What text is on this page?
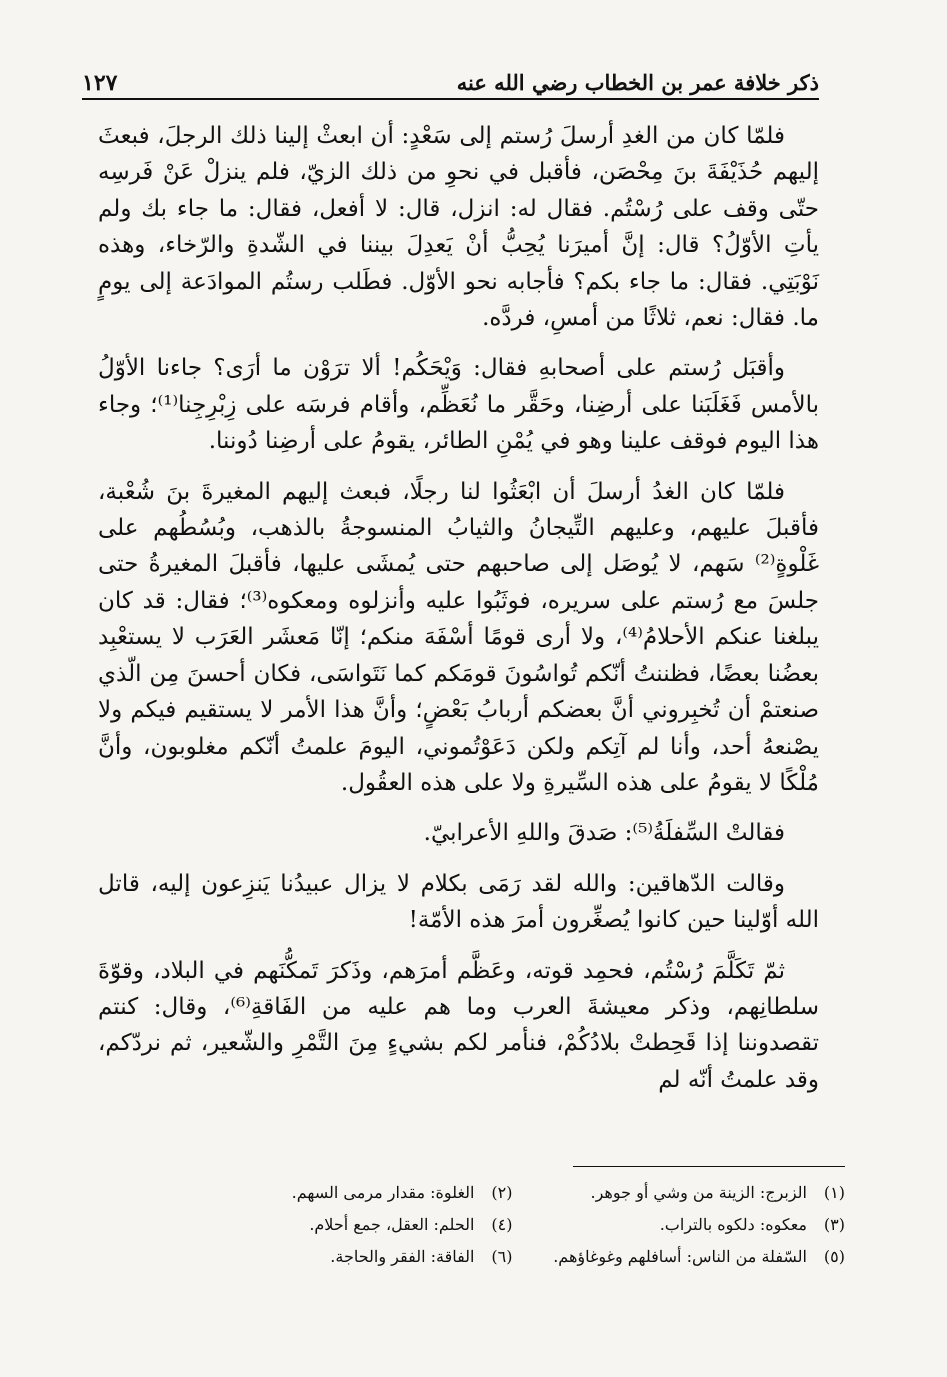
ذكر خلافة عمر بن الخطاب رضي الله عنه
١٢٧

فلمّا كان من الغدِ أرسلَ رُستم إلى سَعْدٍ: أن ابعثْ إلينا ذلك الرجلَ، فبعثَ إليهم حُذَيْفَةَ بنَ مِحْصَن، فأقبل في نحوِ من ذلك الزيّ، فلم ينزلْ عَنْ فَرسِه حتّى وقف على رُسْتُم. فقال له: انزل، قال: لا أفعل، فقال: ما جاء بك ولم يأتِ الأوّلُ؟ قال: إنَّ أميرَنا يُحِبُّ أنْ يَعدِلَ بيننا في الشّدةِ والرّخاء، وهذه نَوْبَتِي. فقال: ما جاء بكم؟ فأجابه نحو الأوّل. فطَلب رستُم الموادَعة إلى يومٍ ما. فقال: نعم، ثلاثًا من أمسِ، فردَّه.

وأقبَل رُستم على أصحابهِ فقال: وَيْحَكُم! ألا ترَوْن ما أرَى؟ جاءنا الأوّلُ بالأمس فَغَلَبَنا على أرضِنا، وحَقَّر ما نُعَظِّم، وأقام فرسَه على زِبْرِجِنا⁽¹⁾؛ وجاء هذا اليوم فوقف علينا وهو في يُمْنِ الطائر، يقومُ على أرضِنا دُوننا.

فلمّا كان الغدُ أرسلَ أن ابْعَثُوا لنا رجلًا، فبعث إليهم المغيرةَ بنَ شُعْبة، فأقبلَ عليهم، وعليهم التِّيجانُ والثيابُ المنسوجةُ بالذهب، وبُسُطُهم على غَلْوةٍ⁽²⁾ سَهم، لا يُوصَل إلى صاحبهم حتى يُمشَى عليها، فأقبلَ المغيرةُ حتى جلسَ مع رُستم على سريره، فوثَبُوا عليه وأنزلوه ومعكوه⁽³⁾؛ فقال: قد كان يبلغنا عنكم الأحلامُ⁽⁴⁾، ولا أرى قومًا أسْفَهَ منكم؛ إنّا مَعشَر العَرَب لا يستعْبِد بعضُنا بعضًا، فظننتُ أنّكم تُواسُونَ قومَكم كما نَتَواسَى، فكان أحسنَ مِن الّذي صنعتمْ أن تُخبِروني أنَّ بعضكم أربابُ بَعْضٍ؛ وأنَّ هذا الأمر لا يستقيم فيكم ولا يصْنعهُ أحد، وأنا لم آتِكم ولكن دَعَوْتُموني، اليومَ علمتُ أنّكم مغلوبون، وأنَّ مُلْكًا لا يقومُ على هذه السِّيرةِ ولا على هذه العقُول.

فقالتْ السِّفلَةُ⁽⁵⁾: صَدقَ واللهِ الأعرابيّ.

وقالت الدّهاقين: والله لقد رَمَى بكلام لا يزال عبيدُنا يَنزِعون إليه، قاتل الله أوّلينا حين كانوا يُصغِّرون أمرَ هذه الأمّة!

ثمّ تَكَلَّمَ رُسْتُم، فحمِد قوته، وعَظَّم أمرَهم، وذَكرَ تَمكُّنَهم في البلاد، وقوّةَ سلطانِهم، وذكر معيشةَ العرب وما هم عليه من الفَاقةِ⁽⁶⁾، وقال: كنتم تقصدوننا إذا قَحِطتْ بلادُكُمْ، فنأمر لكم بشيءٍ مِنَ التَّمْرِ والشّعير، ثم نردّكم، وقد علمتُ أنّه لم

(١)
الزبرج: الزينة من وشي أو جوهر.
(٢)
الغلوة: مقدار مرمى السهم.
(٣)
معكوه: دلكوه بالتراب.
(٤)
الحلم: العقل، جمع أحلام.
(٥)
السّفلة من الناس: أسافلهم وغوغاؤهم.
(٦)
الفاقة: الفقر والحاجة.
